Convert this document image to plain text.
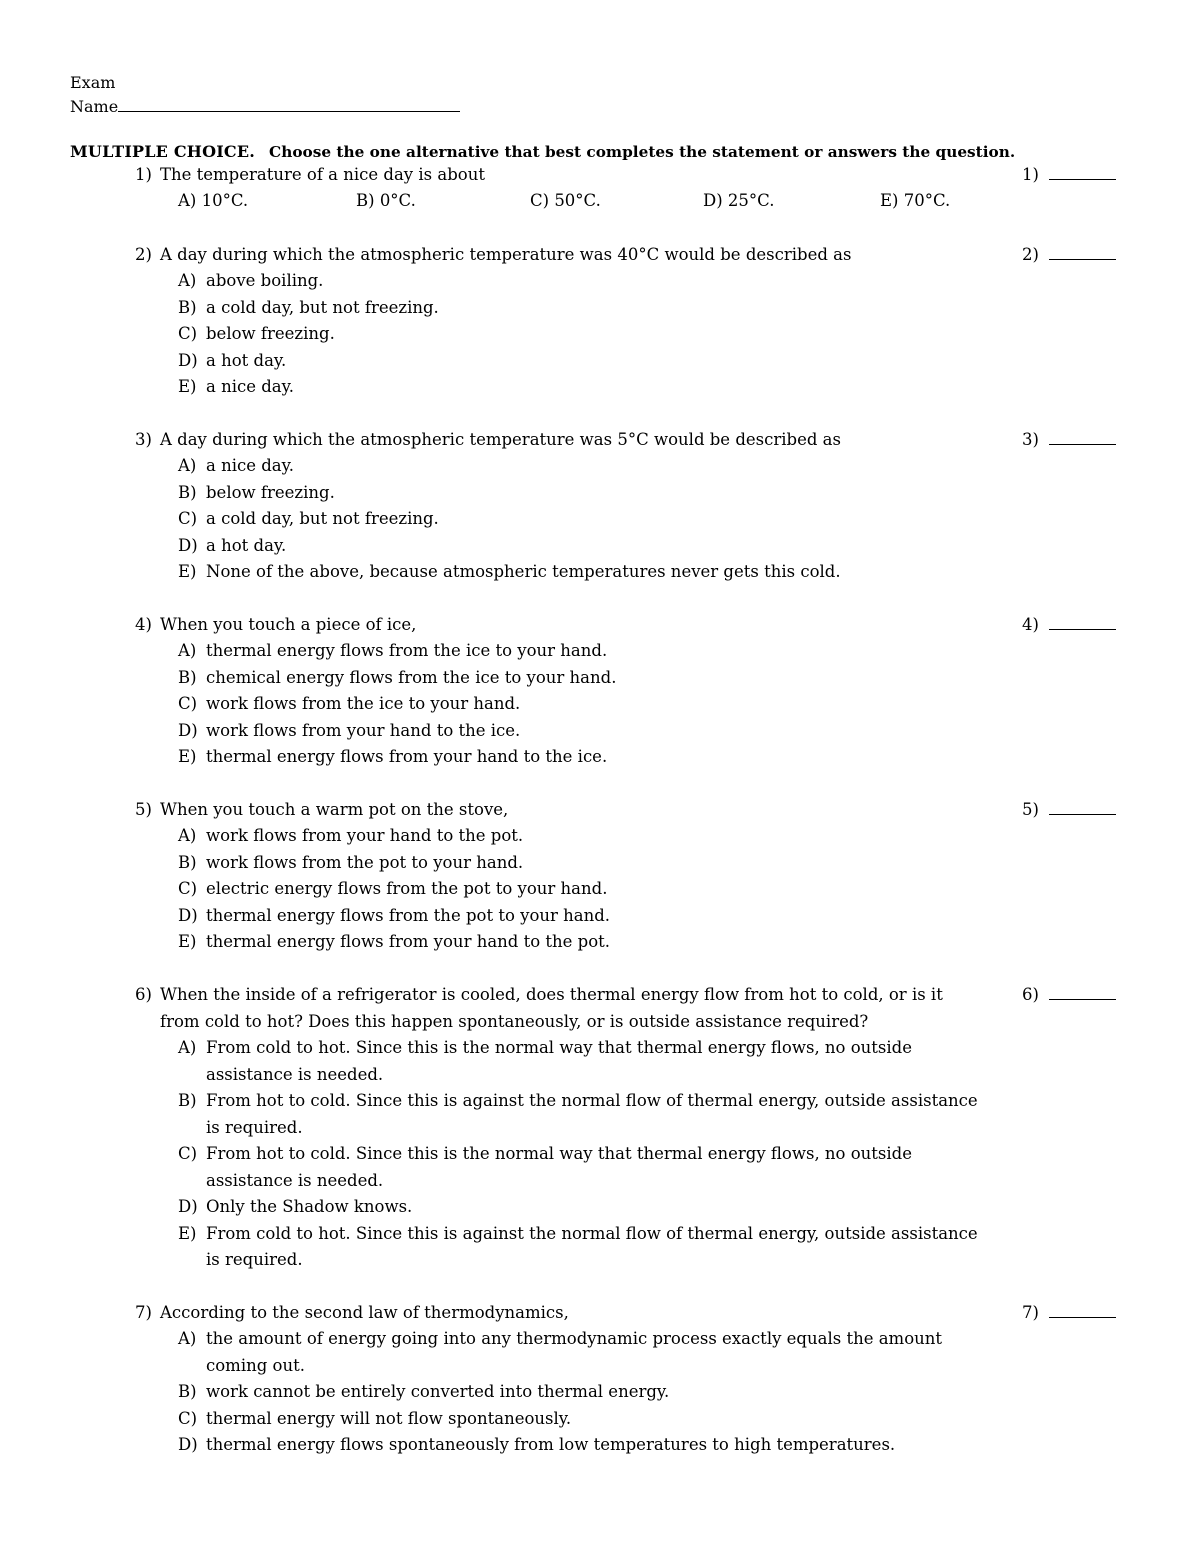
Exam
Name
MULTIPLE CHOICE. Choose the one alternative that best completes the statement or answers the question.
1) The temperature of a nice day is about	1)
A) 10°C.	B) 0°C.	C) 50°C.	D) 25°C.	E) 70°C.
2) A day during which the atmospheric temperature was 40°C would be described as	2)
A) above boiling.
B) a cold day, but not freezing.
C) below freezing.
D) a hot day.
E) a nice day.
3) A day during which the atmospheric temperature was 5°C would be described as	3)
A) a nice day.
B) below freezing.
C) a cold day, but not freezing.
D) a hot day.
E) None of the above, because atmospheric temperatures never gets this cold.
4) When you touch a piece of ice,	4)
A) thermal energy flows from the ice to your hand.
B) chemical energy flows from the ice to your hand.
C) work flows from the ice to your hand.
D) work flows from your hand to the ice.
E) thermal energy flows from your hand to the ice.
5) When you touch a warm pot on the stove,	5)
A) work flows from your hand to the pot.
B) work flows from the pot to your hand.
C) electric energy flows from the pot to your hand.
D) thermal energy flows from the pot to your hand.
E) thermal energy flows from your hand to the pot.
6) When the inside of a refrigerator is cooled, does thermal energy flow from hot to cold, or is it
from cold to hot? Does this happen spontaneously, or is outside assistance required?
6)
A) From cold to hot. Since this is the normal way that thermal energy flows, no outside
assistance is needed.
B) From hot to cold. Since this is against the normal flow of thermal energy, outside assistance
is required.
C) From hot to cold. Since this is the normal way that thermal energy flows, no outside
assistance is needed.
D) Only the Shadow knows.
E) From cold to hot. Since this is against the normal flow of thermal energy, outside assistance
is required.
7) According to the second law of thermodynamics,	7)
A) the amount of energy going into any thermodynamic process exactly equals the amount
coming out.
B) work cannot be entirely converted into thermal energy.
C) thermal energy will not flow spontaneously.
D) thermal energy flows spontaneously from low temperatures to high temperatures.
